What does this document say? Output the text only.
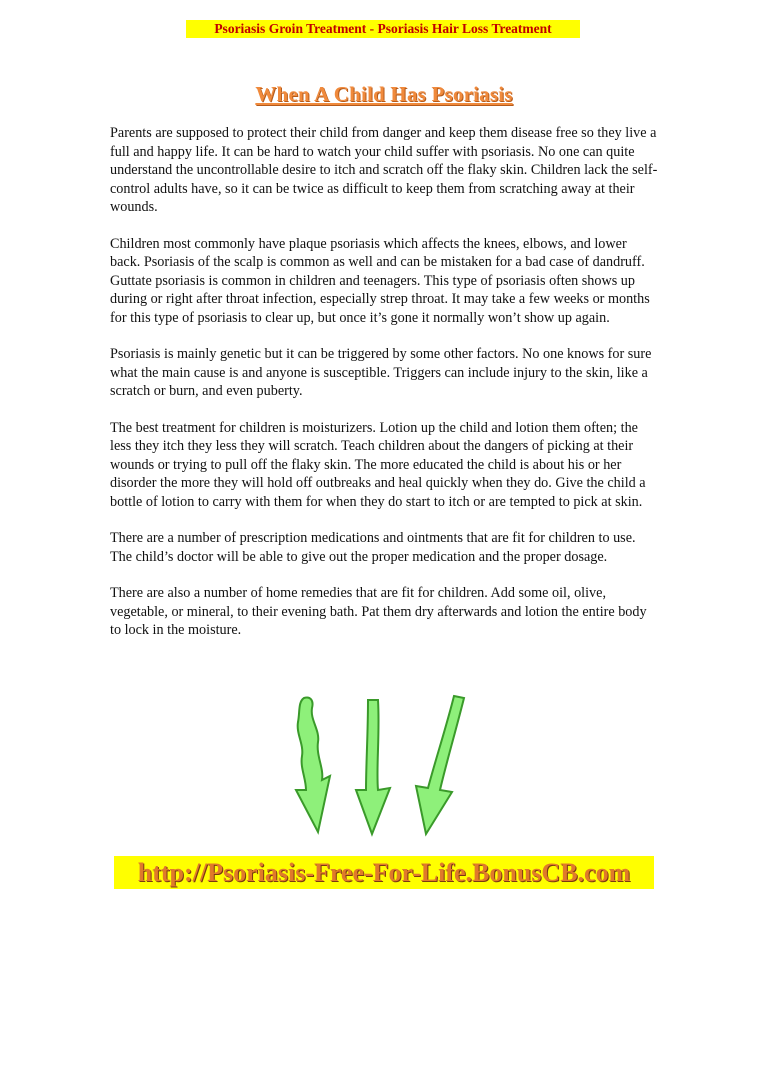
Psoriasis Groin Treatment - Psoriasis Hair Loss Treatment
When A Child Has Psoriasis

Parents are supposed to protect their child from danger and keep them disease free so they live a full and happy life. It can be hard to watch your child suffer with psoriasis. No one can quite understand the uncontrollable desire to itch and scratch off the flaky skin. Children lack the self-control adults have, so it can be twice as difficult to keep them from scratching away at their wounds.

Children most commonly have plaque psoriasis which affects the knees, elbows, and lower back. Psoriasis of the scalp is common as well and can be mistaken for a bad case of dandruff. Guttate psoriasis is common in children and teenagers. This type of psoriasis often shows up during or right after throat infection, especially strep throat. It may take a few weeks or months for this type of psoriasis to clear up, but once it’s gone it normally won’t show up again.

Psoriasis is mainly genetic but it can be triggered by some other factors. No one knows for sure what the main cause is and anyone is susceptible. Triggers can include injury to the skin, like a scratch or burn, and even puberty.

The best treatment for children is moisturizers. Lotion up the child and lotion them often; the less they itch they less they will scratch. Teach children about the dangers of picking at their wounds or trying to pull off the flaky skin. The more educated the child is about his or her disorder the more they will hold off outbreaks and heal quickly when they do. Give the child a bottle of lotion to carry with them for when they do start to itch or are tempted to pick at skin.

There are a number of prescription medications and ointments that are fit for children to use. The child’s doctor will be able to give out the proper medication and the proper dosage.

There are also a number of home remedies that are fit for children. Add some oil, olive, vegetable, or mineral, to their evening bath. Pat them dry afterwards and lotion the entire body to lock in the moisture.

http://Psoriasis-Free-For-Life.BonusCB.com
